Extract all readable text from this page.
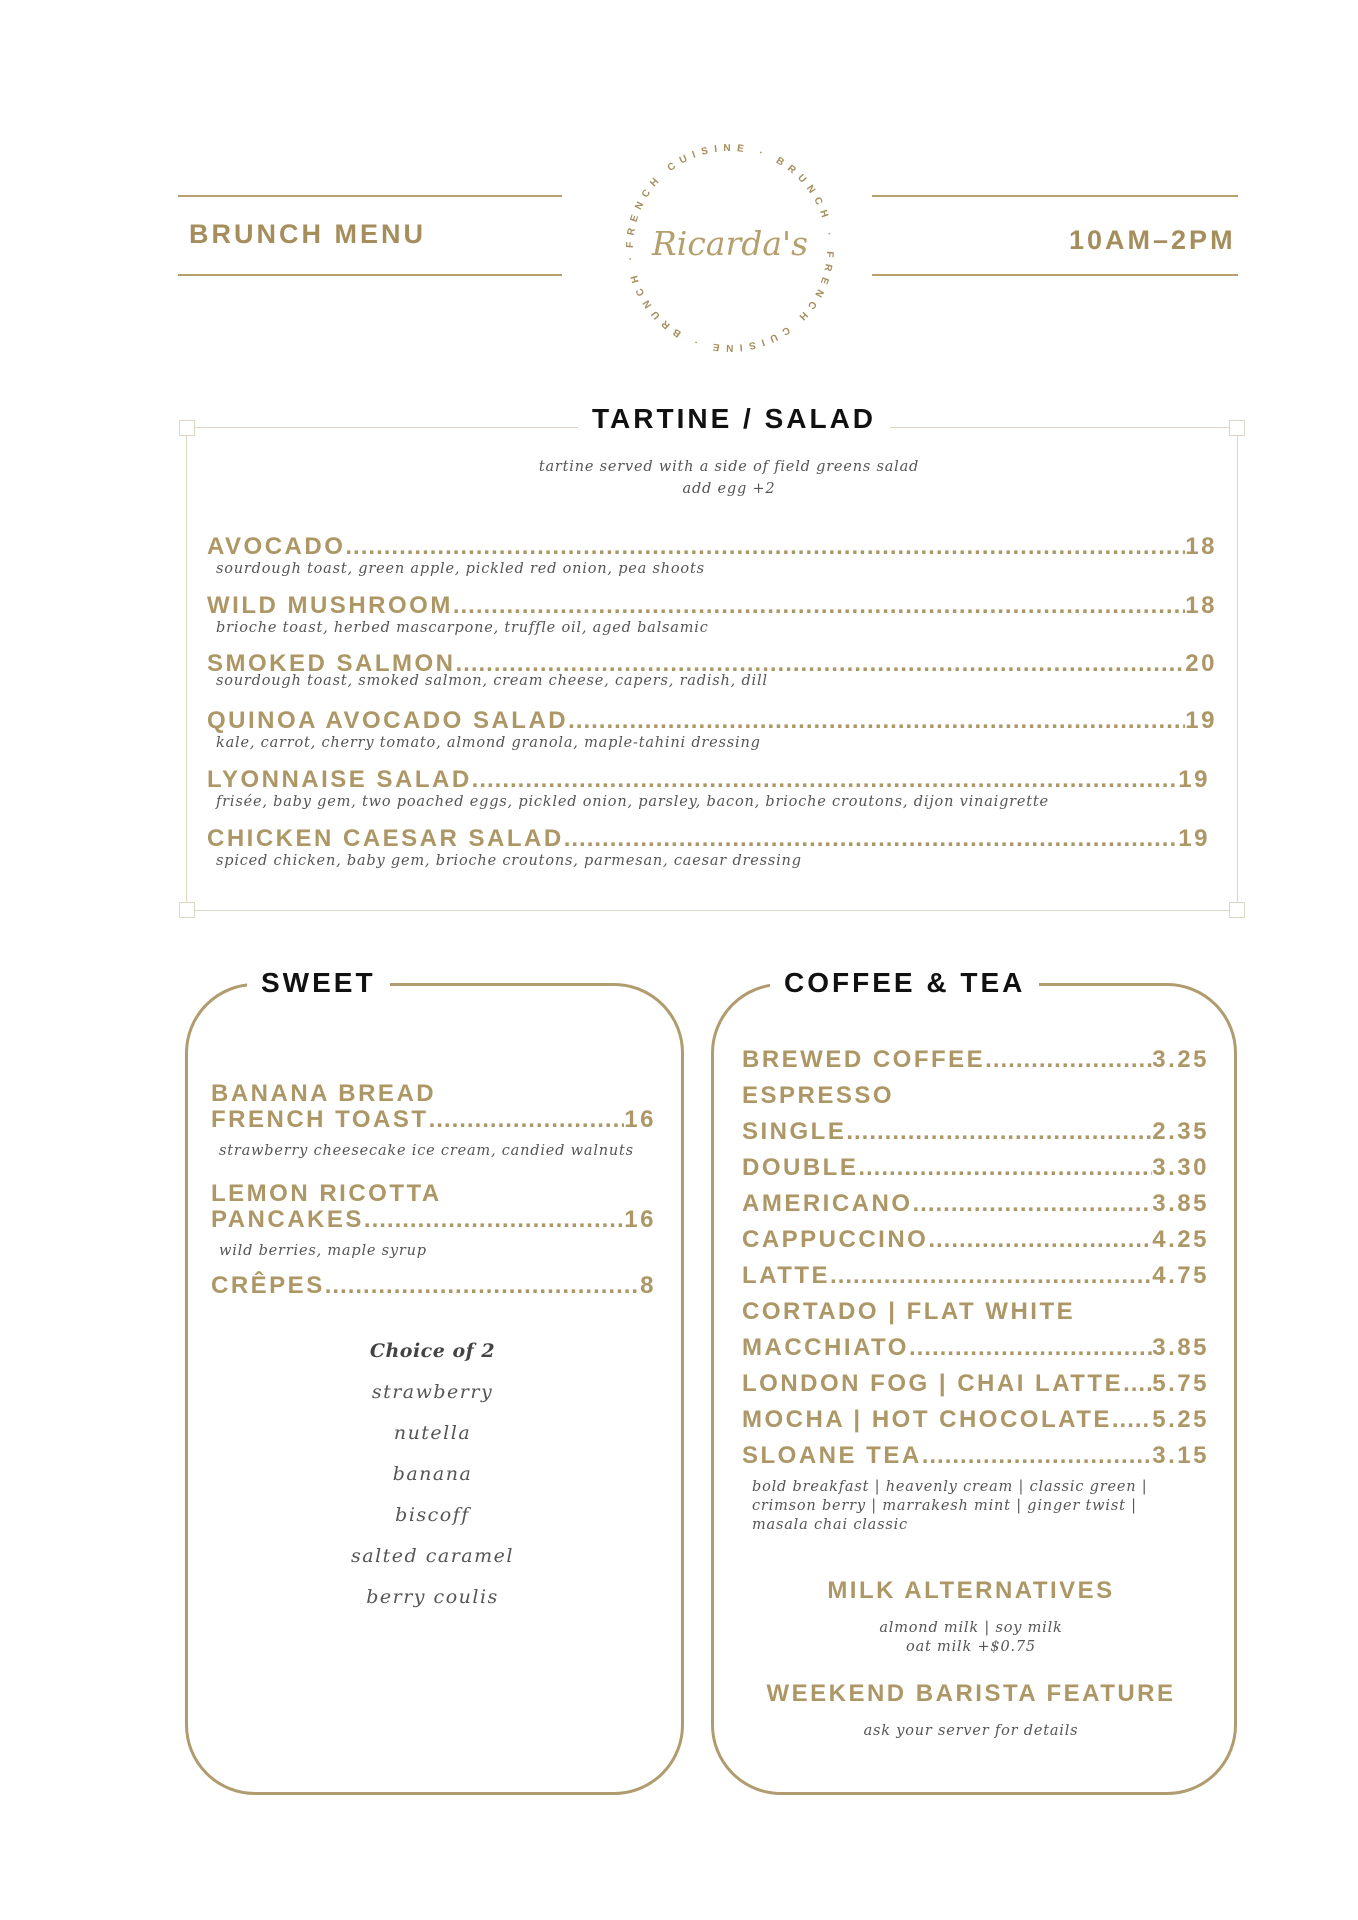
BRUNCH MENU	10AM–2PM
FRENCH CUISINE · BRUNCH · FRENCH CUISINE · BRUNCH · Ricarda's
TARTINE / SALAD
tartine served with a side of field greens salad
add egg +2
AVOCADO .....	18
sourdough toast, green apple, pickled red onion, pea shoots
WILD MUSHROOM .....	18
brioche toast, herbed mascarpone, truffle oil, aged balsamic
SMOKED SALMON .....	20
sourdough toast, smoked salmon, cream cheese, capers, radish, dill
QUINOA AVOCADO SALAD .....	19
kale, carrot, cherry tomato, almond granola, maple-tahini dressing
LYONNAISE SALAD .....	19
frisée, baby gem, two poached eggs, pickled onion, parsley, bacon, brioche croutons, dijon vinaigrette
CHICKEN CAESAR SALAD .....	19
spiced chicken, baby gem, brioche croutons, parmesan, caesar dressing
SWEET
BANANA BREAD
FRENCH TOAST .....	16
strawberry cheesecake ice cream, candied walnuts
LEMON RICOTTA
PANCAKES .....	16
wild berries, maple syrup
CRÊPES .....	8
Choice of 2
strawberry
nutella
banana
biscoff
salted caramel
berry coulis
COFFEE & TEA
BREWED COFFEE .....	3.25
ESPRESSO
SINGLE .....	2.35
DOUBLE .....	3.30
AMERICANO .....	3.85
CAPPUCCINO .....	4.25
LATTE .....	4.75
CORTADO | FLAT WHITE
MACCHIATO .....	3.85
LONDON FOG | CHAI LATTE ..... 5.75
MOCHA | HOT CHOCOLATE ..... 5.25
SLOANE TEA .....	3.15
bold breakfast | heavenly cream | classic green |
crimson berry | marrakesh mint | ginger twist |
masala chai classic
MILK ALTERNATIVES
almond milk | soy milk
oat milk +$0.75
WEEKEND BARISTA FEATURE
ask your server for details
